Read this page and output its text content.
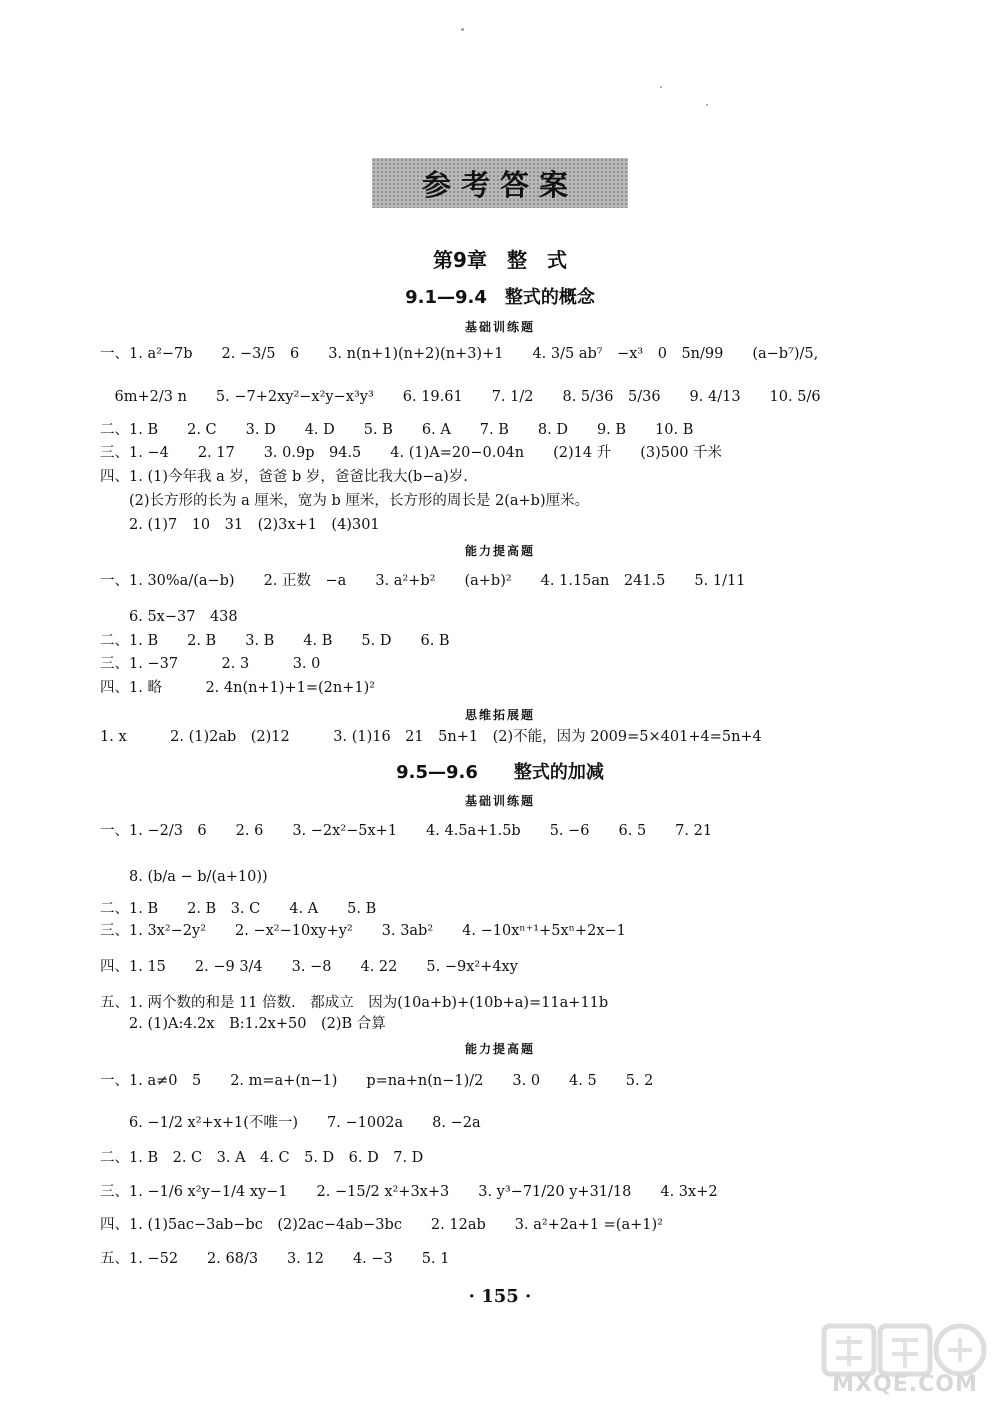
参考答案
第9章　整　式
9.1—9.4　整式的概念
基础训练题
一、1. a²−7b　　2. −3/5　6　　3. n(n+1)(n+2)(n+3)+1　　4. 3/5 ab⁷　−x³　0　5n/99　　(a−b⁷)/5,
　6m+2/3 n　　5. −7+2xy²−x²y−x³y³　　6. 19.61　　7. 1/2　　8. 5/36　5/36　　9. 4/13　　10. 5/6
二、1. B　　2. C　　3. D　　4. D　　5. B　　6. A　　7. B　　8. D　　9. B　　10. B
三、1. −4　　2. 17　　3. 0.9p　94.5　　4. (1)A=20−0.04n　　(2)14 升　　(3)500 千米
四、1. (1)今年我 a 岁，爸爸 b 岁，爸爸比我大(b−a)岁.
　　(2)长方形的长为 a 厘米，宽为 b 厘米，长方形的周长是 2(a+b)厘米。
　　2. (1)7　10　31　(2)3x+1　(4)301
能力提高题
一、1. 30%a/(a−b)　　2. 正数　−a　　3. a²+b²　　(a+b)²　　4. 1.15an　241.5　　5. 1/11
　　6. 5x−37　438
二、1. B　　2. B　　3. B　　4. B　　5. D　　6. B
三、1. −37　　　2. 3　　　3. 0
四、1. 略　　　2. 4n(n+1)+1=(2n+1)²
思维拓展题
1. x　　　2. (1)2ab　(2)12　　　3. (1)16　21　5n+1　(2)不能，因为 2009=5×401+4=5n+4
9.5—9.6　　整式的加减
基础训练题
一、1. −2/3　6　　2. 6　　3. −2x²−5x+1　　4. 4.5a+1.5b　　5. −6　　6. 5　　7. 21
　　8. (b/a − b/(a+10))
二、1. B　　2. B　3. C　　4. A　　5. B
三、1. 3x²−2y²　　2. −x²−10xy+y²　　3. 3ab²　　4. −10xⁿ⁺¹+5xⁿ+2x−1
四、1. 15　　2. −9 3/4　　3. −8　　4. 22　　5. −9x²+4xy
五、1. 两个数的和是 11 倍数.　都成立　因为(10a+b)+(10b+a)=11a+11b
　　2. (1)A:4.2x　B:1.2x+50　(2)B 合算
能力提高题
一、1. a≠0　5　　2. m=a+(n−1)　　p=na+n(n−1)/2　　3. 0　　4. 5　　5. 2
　　6. −1/2 x²+x+1(不唯一)　　7. −1002a　　8. −2a
二、1. B　2. C　3. A　4. C　5. D　6. D　7. D
三、1. −1/6 x²y−1/4 xy−1　　2. −15/2 x²+3x+3　　3. y³−71/20 y+31/18　　4. 3x+2
四、1. (1)5ac−3ab−bc　(2)2ac−4ab−3bc　　2. 12ab　　3. a²+2a+1 =(a+1)²
五、1. −52　　2. 68/3　　3. 12　　4. −3　　5. 1
· 155 ·
MXQE.COM
